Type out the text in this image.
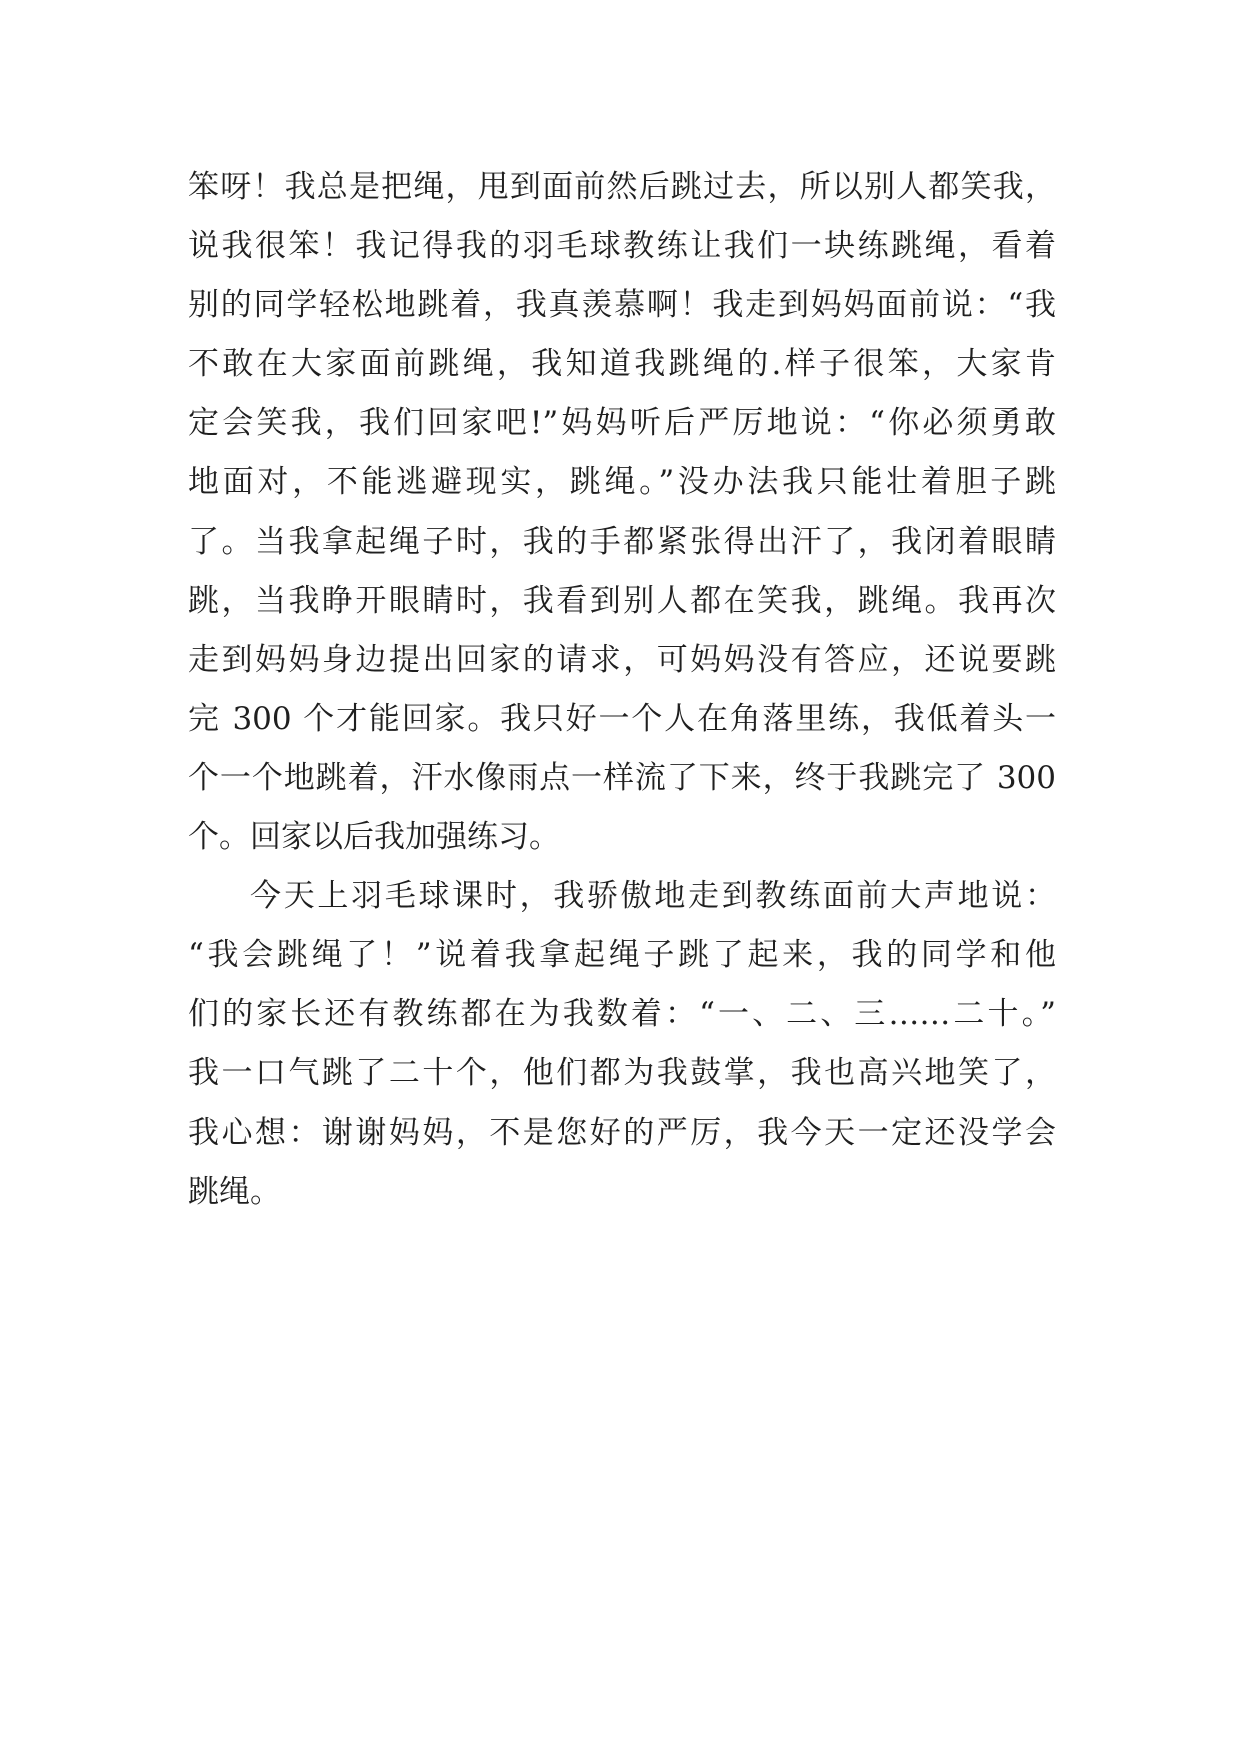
笨呀！我总是把绳，甩到面前然后跳过去，所以别人都笑我，
说我很笨！我记得我的羽毛球教练让我们一块练跳绳，看着
别的同学轻松地跳着，我真羡慕啊！我走到妈妈面前说：“我
不敢在大家面前跳绳，我知道我跳绳的.样子很笨，大家肯
定会笑我，我们回家吧!”妈妈听后严厉地说：“你必须勇敢
地面对，不能逃避现实，跳绳。”没办法我只能壮着胆子跳
了。当我拿起绳子时，我的手都紧张得出汗了，我闭着眼睛
跳，当我睁开眼睛时，我看到别人都在笑我，跳绳。我再次
走到妈妈身边提出回家的请求，可妈妈没有答应，还说要跳
完 300 个才能回家。我只好一个人在角落里练，我低着头一
个一个地跳着，汗水像雨点一样流了下来，终于我跳完了 300
个。回家以后我加强练习。
今天上羽毛球课时，我骄傲地走到教练面前大声地说：
“我会跳绳了！”说着我拿起绳子跳了起来，我的同学和他
们的家长还有教练都在为我数着：“一、二、三……二十。”
我一口气跳了二十个，他们都为我鼓掌，我也高兴地笑了，
我心想：谢谢妈妈，不是您好的严厉，我今天一定还没学会
跳绳。
